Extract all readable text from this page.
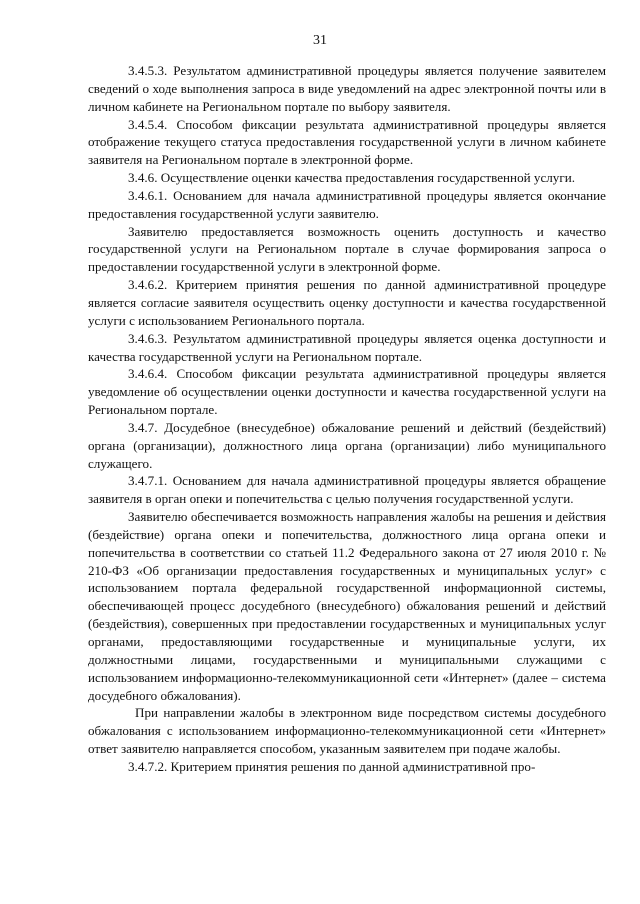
31

3.4.5.3. Результатом административной процедуры является получение заявителем сведений о ходе выполнения запроса в виде уведомлений на адрес электронной почты или в личном кабинете на Региональном портале по выбору заявителя.

3.4.5.4. Способом фиксации результата административной процедуры является отображение текущего статуса предоставления государственной услуги в личном кабинете заявителя на Региональном портале в электронной форме.

3.4.6. Осуществление оценки качества предоставления государственной услуги.

3.4.6.1. Основанием для начала административной процедуры является окончание предоставления государственной услуги заявителю.

Заявителю предоставляется возможность оценить доступность и качество государственной услуги на Региональном портале в случае формирования запроса о предоставлении государственной услуги в электронной форме.

3.4.6.2. Критерием принятия решения по данной административной процедуре является согласие заявителя осуществить оценку доступности и качества государственной услуги с использованием Регионального портала.

3.4.6.3. Результатом административной процедуры является оценка доступности и качества государственной услуги на Региональном портале.

3.4.6.4. Способом фиксации результата административной процедуры является уведомление об осуществлении оценки доступности и качества государственной услуги на Региональном портале.

3.4.7. Досудебное (внесудебное) обжалование решений и действий (бездействий) органа (организации), должностного лица органа (организации) либо муниципального служащего.

3.4.7.1. Основанием для начала административной процедуры является обращение заявителя в орган опеки и попечительства с целью получения государственной услуги.

Заявителю обеспечивается возможность направления жалобы на решения и действия (бездействие) органа опеки и попечительства, должностного лица органа опеки и попечительства в соответствии со статьей 11.2 Федерального закона от 27 июля 2010 г. № 210-ФЗ «Об организации предоставления государственных и муниципальных услуг» с использованием портала федеральной государственной информационной системы, обеспечивающей процесс досудебного (внесудебного) обжалования решений и действий (бездействия), совершенных при предоставлении государственных и муниципальных услуг органами, предоставляющими государственные и муниципальные услуги, их должностными лицами, государственными и муниципальными служащими с использованием информационно-телекоммуникационной сети «Интернет» (далее – система досудебного обжалования).

При направлении жалобы в электронном виде посредством системы досудебного обжалования с использованием информационно-телекоммуникационной сети «Интернет» ответ заявителю направляется способом, указанным заявителем при подаче жалобы.

3.4.7.2. Критерием принятия решения по данной административной про-
